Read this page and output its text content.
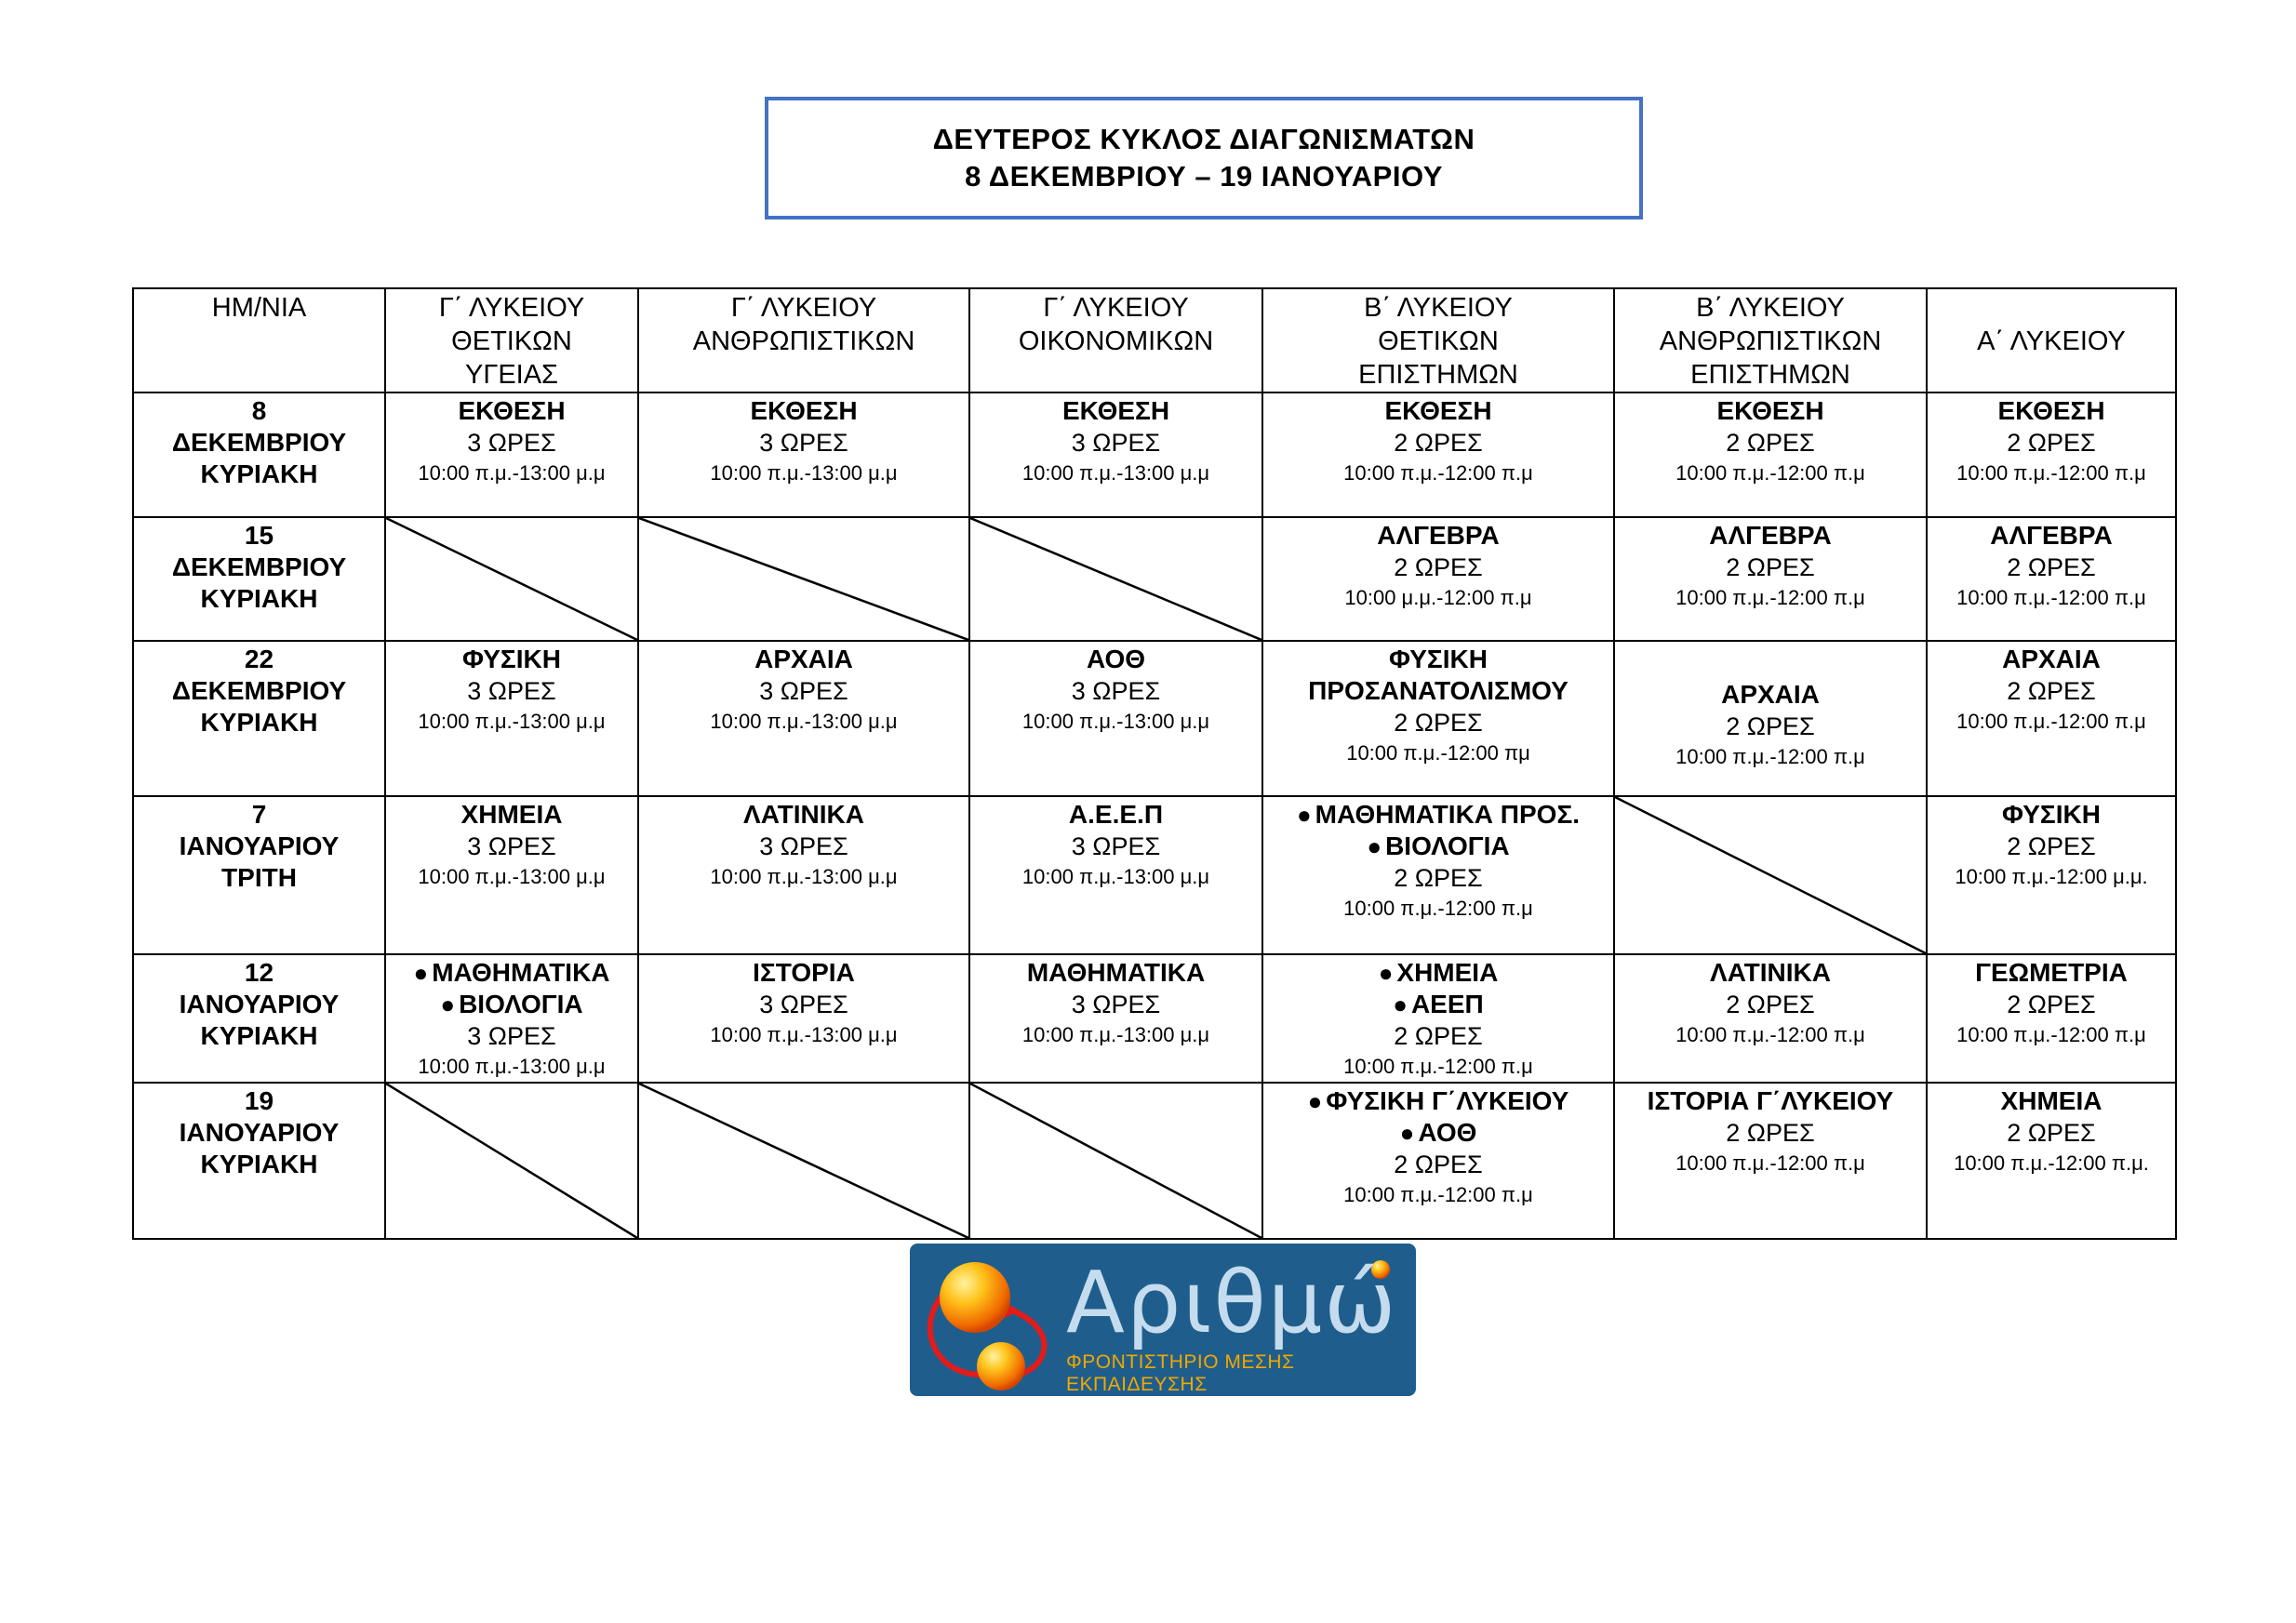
ΔΕΥΤΕΡΟΣ ΚΥΚΛΟΣ ΔΙΑΓΩΝΙΣΜΑΤΩΝ
8 ΔΕΚΕΜΒΡΙΟΥ – 19 ΙΑΝΟΥΑΡΙΟΥ
ΗΜ/ΝΙΑ	Γ΄ ΛΥΚΕΙΟΥ
ΘΕΤΙΚΩΝ
ΥΓΕΙΑΣ	Γ΄ ΛΥΚΕΙΟΥ
ΑΝΘΡΩΠΙΣΤΙΚΩΝ	Γ΄ ΛΥΚΕΙΟΥ
ΟΙΚΟΝΟΜΙΚΩΝ	Β΄ ΛΥΚΕΙΟΥ
ΘΕΤΙΚΩΝ
ΕΠΙΣΤΗΜΩΝ	Β΄ ΛΥΚΕΙΟΥ
ΑΝΘΡΩΠΙΣΤΙΚΩΝ
ΕΠΙΣΤΗΜΩΝ	Α΄ ΛΥΚΕΙΟΥ

8
ΔΕΚΕΜΒΡΙΟΥ
ΚΥΡΙΑΚΗ	ΕΚΘΕΣΗ
3 ΩΡΕΣ
10:00 π.μ.-13:00 μ.μ	ΕΚΘΕΣΗ
3 ΩΡΕΣ
10:00 π.μ.-13:00 μ.μ	ΕΚΘΕΣΗ
3 ΩΡΕΣ
10:00 π.μ.-13:00 μ.μ	ΕΚΘΕΣΗ
2 ΩΡΕΣ
10:00 π.μ.-12:00 π.μ	ΕΚΘΕΣΗ
2 ΩΡΕΣ
10:00 π.μ.-12:00 π.μ	ΕΚΘΕΣΗ
2 ΩΡΕΣ
10:00 π.μ.-12:00 π.μ

15
ΔΕΚΕΜΒΡΙΟΥ
ΚΥΡΙΑΚΗ				ΑΛΓΕΒΡΑ
2 ΩΡΕΣ
10:00 μ.μ.-12:00 π.μ	ΑΛΓΕΒΡΑ
2 ΩΡΕΣ
10:00 π.μ.-12:00 π.μ	ΑΛΓΕΒΡΑ
2 ΩΡΕΣ
10:00 π.μ.-12:00 π.μ

22
ΔΕΚΕΜΒΡΙΟΥ
ΚΥΡΙΑΚΗ	ΦΥΣΙΚΗ
3 ΩΡΕΣ
10:00 π.μ.-13:00 μ.μ	ΑΡΧΑΙΑ
3 ΩΡΕΣ
10:00 π.μ.-13:00 μ.μ	ΑΟΘ
3 ΩΡΕΣ
10:00 π.μ.-13:00 μ.μ	ΦΥΣΙΚΗ
ΠΡΟΣΑΝΑΤΟΛΙΣΜΟΥ
2 ΩΡΕΣ
10:00 π.μ.-12:00 πμ	ΑΡΧΑΙΑ
2 ΩΡΕΣ
10:00 π.μ.-12:00 π.μ	ΑΡΧΑΙΑ
2 ΩΡΕΣ
10:00 π.μ.-12:00 π.μ

7
ΙΑΝΟΥΑΡΙΟΥ
ΤΡΙΤΗ	ΧΗΜΕΙΑ
3 ΩΡΕΣ
10:00 π.μ.-13:00 μ.μ	ΛΑΤΙΝΙΚΑ
3 ΩΡΕΣ
10:00 π.μ.-13:00 μ.μ	Α.Ε.Ε.Π
3 ΩΡΕΣ
10:00 π.μ.-13:00 μ.μ	● ΜΑΘΗΜΑΤΙΚΑ ΠΡΟΣ.
● ΒΙΟΛΟΓΙΑ
2 ΩΡΕΣ
10:00 π.μ.-12:00 π.μ		ΦΥΣΙΚΗ
2 ΩΡΕΣ
10:00 π.μ.-12:00 μ.μ.

12
ΙΑΝΟΥΑΡΙΟΥ
ΚΥΡΙΑΚΗ	● ΜΑΘΗΜΑΤΙΚΑ
● ΒΙΟΛΟΓΙΑ
3 ΩΡΕΣ
10:00 π.μ.-13:00 μ.μ	ΙΣΤΟΡΙΑ
3 ΩΡΕΣ
10:00 π.μ.-13:00 μ.μ	ΜΑΘΗΜΑΤΙΚΑ
3 ΩΡΕΣ
10:00 π.μ.-13:00 μ.μ	● ΧΗΜΕΙΑ
● ΑΕΕΠ
2 ΩΡΕΣ
10:00 π.μ.-12:00 π.μ	ΛΑΤΙΝΙΚΑ
2 ΩΡΕΣ
10:00 π.μ.-12:00 π.μ	ΓΕΩΜΕΤΡΙΑ
2 ΩΡΕΣ
10:00 π.μ.-12:00 π.μ

19
ΙΑΝΟΥΑΡΙΟΥ
ΚΥΡΙΑΚΗ				● ΦΥΣΙΚΗ Γ΄ΛΥΚΕΙΟΥ
● ΑΟΘ
2 ΩΡΕΣ
10:00 π.μ.-12:00 π.μ	ΙΣΤΟΡΙΑ Γ΄ΛΥΚΕΙΟΥ
2 ΩΡΕΣ
10:00 π.μ.-12:00 π.μ	ΧΗΜΕΙΑ
2 ΩΡΕΣ
10:00 π.μ.-12:00 π.μ.
Αριθμώ
ΦΡΟΝΤΙΣΤΗΡΙΟ ΜΕΣΗΣ ΕΚΠΑΙΔΕΥΣΗΣ
